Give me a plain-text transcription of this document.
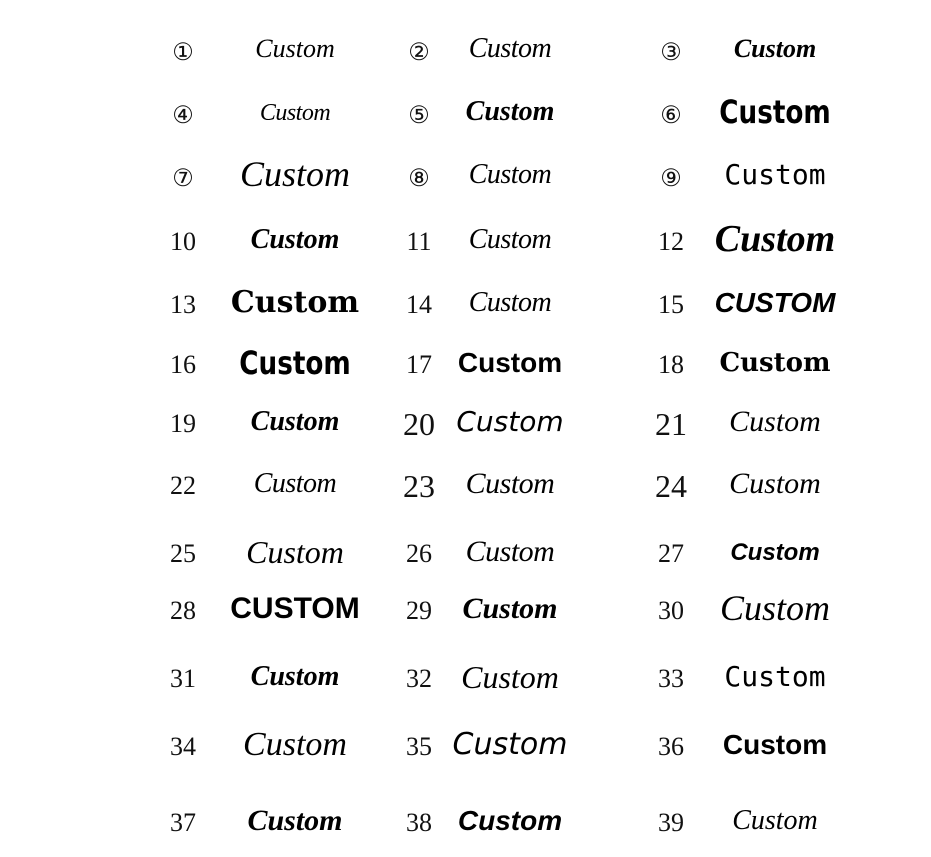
①	Custom	②	Custom	③	Custom
④	Custom	⑤	Custom	⑥	Custom
⑦	Custom	⑧	Custom	⑨	Custom
10	Custom	11	Custom	12 Custom
13	Custom	14	Custom	15	CUSTOM
16	Custom	17 Custom	18	Custom
19	Custom	20 Custom	21	Custom
22	Custom	23	Custom	24	Custom
25	Custom	26	Custom	27	Custom
28	CUSTOM	29	Custom	30 Custom
31	Custom	32 Custom	33	Custom
34	Custom	35 Custom	36	Custom
37	Custom	38 Custom	39	Custom
